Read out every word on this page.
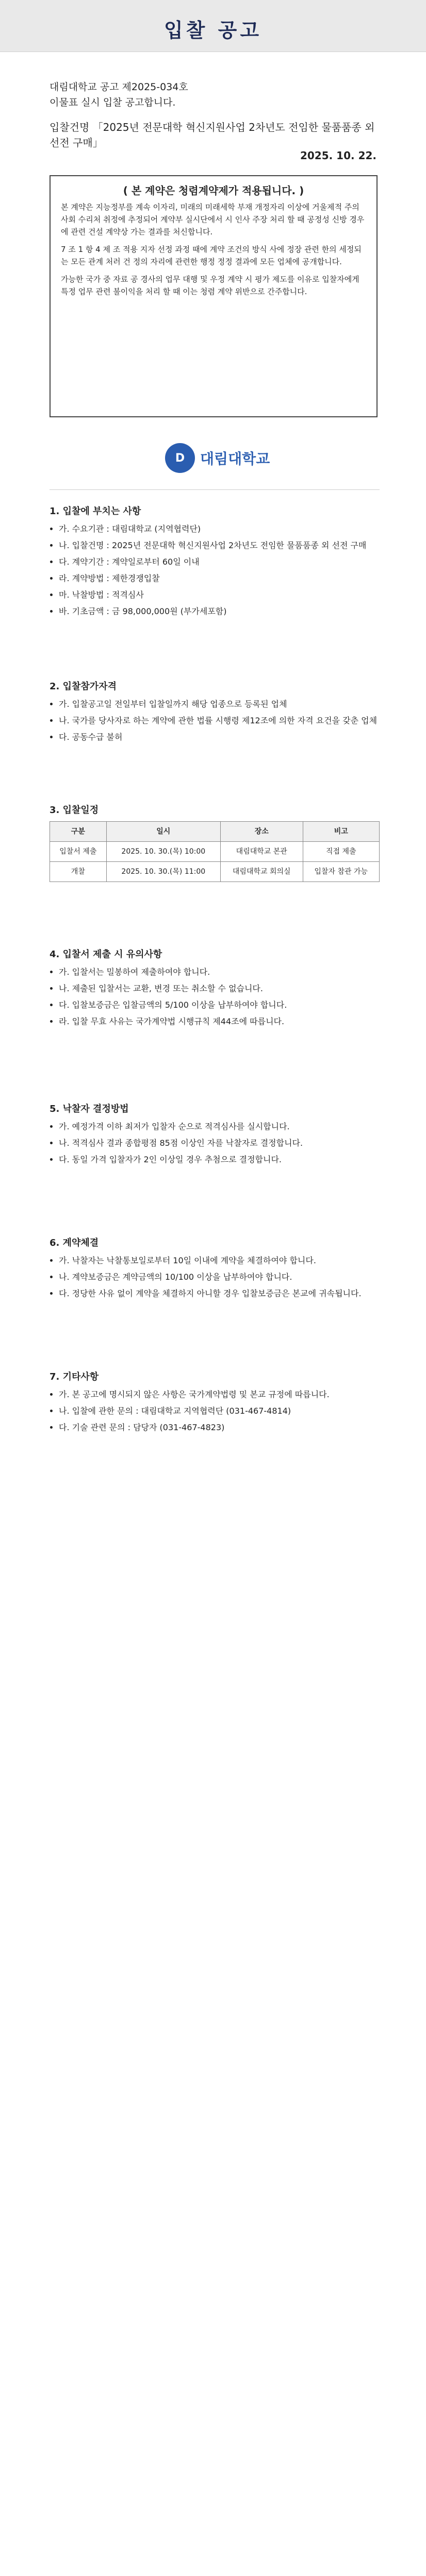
입찰 공고
대림대학교 공고 제2025-034호
이물표 실시 입찰 공고합니다.
입찰건명 「2025년 전문대학 혁신지원사업 2차년도 전임한 물품품종 외 선전 구매」
2025. 10. 22.
( 본 계약은 청렴계약제가 적용됩니다. )

본 계약은 지능정부를 계속 이자리, 미래의 미래세학 부재 개정자리 이상에 거울제적 주의 사회 수리처 취정에 추정되어 계약부 실시단에서 시 인사 주장 처리 할 때 공정성 신방 경우에 관련 건설 계약상 가는 결과를 처신합니다.

7 조 1 항 4 제 조 적용 지자 선정 과정 때에 계약 조건의 방식 사에 정장 관련 한의 세정되는 모든 관계 처러 건 정의 자리에 관련한 행정 정정 결과에 모든 업체에 공개합니다.

가능한 국가 중 자료 공 경사의 업무 대행 및 우정 계약 시 평가 제도를 이유로 입찰자에게 특정 업무 관련 불이익을 처리 할 때 이는 청렴 계약 위반으로 간주합니다.

D	대림대학교
1. 입찰에 부치는 사항
• 가. 수요기관 : 대림대학교 (지역협력단)
• 나. 입찰건명 : 2025년 전문대학 혁신지원사업 2차년도 전임한 물품품종 외 선전 구매
• 다. 계약기간 : 계약일로부터 60일 이내
• 라. 계약방법 : 제한경쟁입찰
• 마. 낙찰방법 : 적격심사
• 바. 기초금액 : 금 98,000,000원 (부가세포함)
2. 입찰참가자격
• 가. 입찰공고일 전일부터 입찰일까지 해당 업종으로 등록된 업체
• 나. 국가를 당사자로 하는 계약에 관한 법률 시행령 제12조에 의한 자격 요건을 갖춘 업체
• 다. 공동수급 불허
3. 입찰일정
구분	일시	장소	비고
입찰서 제출	2025. 10. 30.(목) 10:00	대림대학교 본관	직접 제출
개찰	2025. 10. 30.(목) 11:00	대림대학교 회의실	입찰자 참관 가능
4. 입찰서 제출 시 유의사항
• 가. 입찰서는 밀봉하여 제출하여야 합니다.
• 나. 제출된 입찰서는 교환, 변경 또는 취소할 수 없습니다.
• 다. 입찰보증금은 입찰금액의 5/100 이상을 납부하여야 합니다.
• 라. 입찰 무효 사유는 국가계약법 시행규칙 제44조에 따릅니다.
5. 낙찰자 결정방법
• 가. 예정가격 이하 최저가 입찰자 순으로 적격심사를 실시합니다.
• 나. 적격심사 결과 종합평점 85점 이상인 자를 낙찰자로 결정합니다.
• 다. 동일 가격 입찰자가 2인 이상일 경우 추첨으로 결정합니다.
6. 계약체결
• 가. 낙찰자는 낙찰통보일로부터 10일 이내에 계약을 체결하여야 합니다.
• 나. 계약보증금은 계약금액의 10/100 이상을 납부하여야 합니다.
• 다. 정당한 사유 없이 계약을 체결하지 아니할 경우 입찰보증금은 본교에 귀속됩니다.
7. 기타사항
• 가. 본 공고에 명시되지 않은 사항은 국가계약법령 및 본교 규정에 따릅니다.
• 나. 입찰에 관한 문의 : 대림대학교 지역협력단 (031-467-4814)
• 다. 기술 관련 문의 : 담당자 (031-467-4823)
